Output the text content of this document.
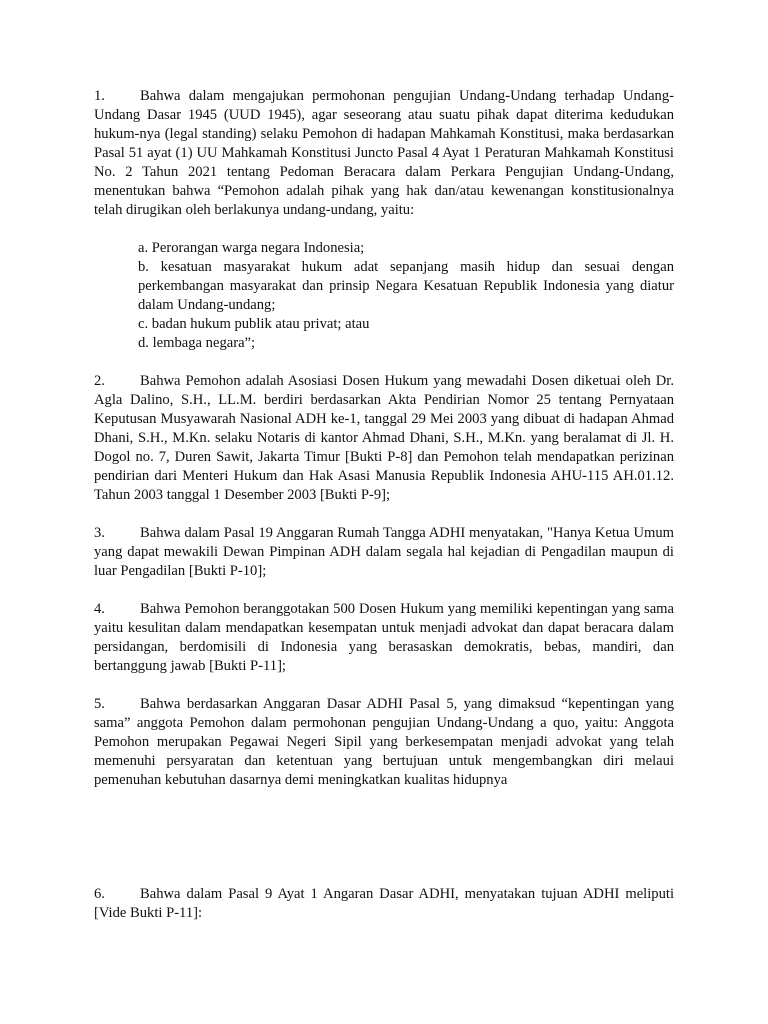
1. Bahwa dalam mengajukan permohonan pengujian Undang-Undang terhadap Undang-Undang Dasar 1945 (UUD 1945), agar seseorang atau suatu pihak dapat diterima kedudukan hukum-nya (legal standing) selaku Pemohon di hadapan Mahkamah Konstitusi, maka berdasarkan Pasal 51 ayat (1) UU Mahkamah Konstitusi Juncto Pasal 4 Ayat 1 Peraturan Mahkamah Konstitusi No. 2 Tahun 2021 tentang Pedoman Beracara dalam Perkara Pengujian Undang-Undang, menentukan bahwa “Pemohon adalah pihak yang hak dan/atau kewenangan konstitusionalnya telah dirugikan oleh berlakunya undang-undang, yaitu:

a. Perorangan warga negara Indonesia;

b. kesatuan masyarakat hukum adat sepanjang masih hidup dan sesuai dengan perkembangan masyarakat dan prinsip Negara Kesatuan Republik Indonesia yang diatur dalam Undang-undang;

c. badan hukum publik atau privat; atau

d. lembaga negara”;

2. Bahwa Pemohon adalah Asosiasi Dosen Hukum yang mewadahi Dosen diketuai oleh Dr. Agla Dalino, S.H., LL.M. berdiri berdasarkan Akta Pendirian Nomor 25 tentang Pernyataan Keputusan Musyawarah Nasional ADH ke-1, tanggal 29 Mei 2003 yang dibuat di hadapan Ahmad Dhani, S.H., M.Kn. selaku Notaris di kantor Ahmad Dhani, S.H., M.Kn. yang beralamat di Jl. H. Dogol no. 7, Duren Sawit, Jakarta Timur [Bukti P-8] dan Pemohon telah mendapatkan perizinan pendirian dari Menteri Hukum dan Hak Asasi Manusia Republik Indonesia AHU-115 AH.01.12. Tahun 2003 tanggal 1 Desember 2003 [Bukti P-9];

3. Bahwa dalam Pasal 19 Anggaran Rumah Tangga ADHI menyatakan, "Hanya Ketua Umum yang dapat mewakili Dewan Pimpinan ADH dalam segala hal kejadian di Pengadilan maupun di luar Pengadilan [Bukti P-10];

4. Bahwa Pemohon beranggotakan 500 Dosen Hukum yang memiliki kepentingan yang sama yaitu kesulitan dalam mendapatkan kesempatan untuk menjadi advokat dan dapat beracara dalam persidangan, berdomisili di Indonesia yang berasaskan demokratis, bebas, mandiri, dan bertanggung jawab [Bukti P-11];

5. Bahwa berdasarkan Anggaran Dasar ADHI Pasal 5, yang dimaksud “kepentingan yang sama” anggota Pemohon dalam permohonan pengujian Undang-Undang a quo, yaitu: Anggota Pemohon merupakan Pegawai Negeri Sipil yang berkesempatan menjadi advokat yang telah memenuhi persyaratan dan ketentuan yang bertujuan untuk mengembangkan diri melaui pemenuhan kebutuhan dasarnya demi meningkatkan kualitas hidupnya

6. Bahwa dalam Pasal 9 Ayat 1 Angaran Dasar ADHI, menyatakan tujuan ADHI meliputi [Vide Bukti P-11]:
